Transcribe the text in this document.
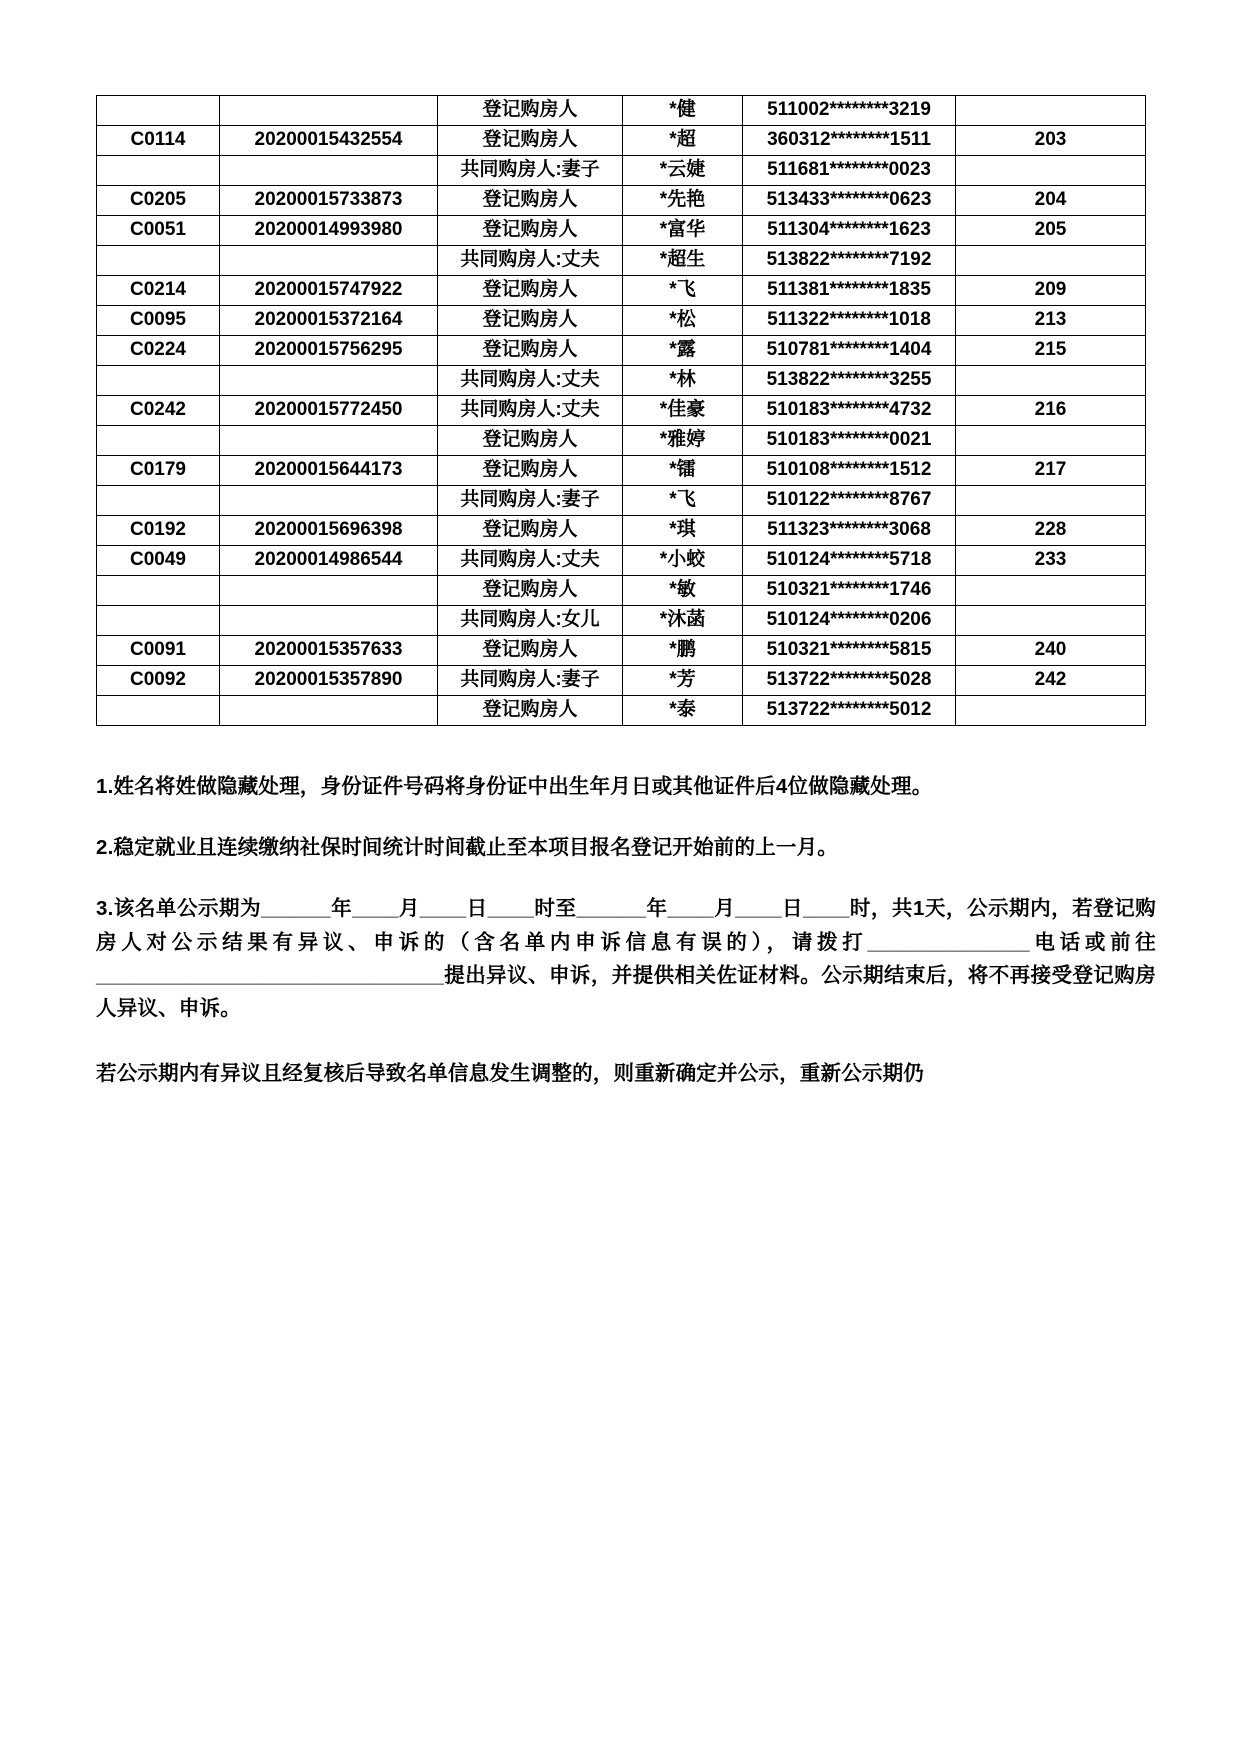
		登记购房人	*健	511002********3219	
C0114	20200015432554	登记购房人	*超	360312********1511	203
		共同购房人:妻子	*云婕	511681********0023	
C0205	20200015733873	登记购房人	*先艳	513433********0623	204
C0051	20200014993980	登记购房人	*富华	511304********1623	205
		共同购房人:丈夫	*超生	513822********7192	
C0214	20200015747922	登记购房人	*飞	511381********1835	209
C0095	20200015372164	登记购房人	*松	511322********1018	213
C0224	20200015756295	登记购房人	*露	510781********1404	215
		共同购房人:丈夫	*林	513822********3255	
C0242	20200015772450	共同购房人:丈夫	*佳豪	510183********4732	216
		登记购房人	*雅婷	510183********0021	
C0179	20200015644173	登记购房人	*镭	510108********1512	217
		共同购房人:妻子	*飞	510122********8767	
C0192	20200015696398	登记购房人	*琪	511323********3068	228
C0049	20200014986544	共同购房人:丈夫	*小蛟	510124********5718	233
		登记购房人	*敏	510321********1746	
		共同购房人:女儿	*沐菡	510124********0206	
C0091	20200015357633	登记购房人	*鹏	510321********5815	240
C0092	20200015357890	共同购房人:妻子	*芳	513722********5028	242
		登记购房人	*泰	513722********5012	

1.姓名将姓做隐藏处理，身份证件号码将身份证中出生年月日或其他证件后4位做隐藏处理。

2.稳定就业且连续缴纳社保时间统计时间截止至本项目报名登记开始前的上一月。

3.该名单公示期为______年____月____日____时至______年____月____日____时，共1天，公示期内，若登记购房人对公示结果有异议、申诉的（含名单内申诉信息有误的），请拨打______________电话或前往______________________________提出异议、申诉，并提供相关佐证材料。公示期结束后，将不再接受登记购房人异议、申诉。

若公示期内有异议且经复核后导致名单信息发生调整的，则重新确定并公示，重新公示期仍
